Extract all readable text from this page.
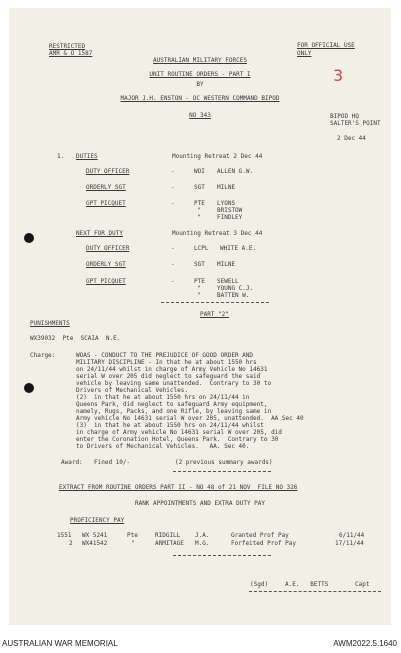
RESTRICTED
AMR & O 1587
AUSTRALIAN MILITARY FORCES
UNIT ROUTINE ORDERS - PART I
BY
MAJOR J.H. ENSTON - OC WESTERN COMMAND BIPOD
NO 343
FOR OFFICIAL USE
ONLY
3
BIPOD HQ
SALTER'S POINT
2 Dec 44
1. DUTIES	Mounting Retreat 2 Dec 44
DUTY OFFICER	-	WOI ALLEN G.W.
ORDERLY SGT	-	SGT MILNE
GPT PICQUET	-	PTE LYONS
"	BRISTOW
"	FINDLEY
NEXT FOR DUTY	Mounting Retreat 3 Dec 44
DUTY OFFICER	-	LCPL WHITE A.E.
ORDERLY SGT	-	SGT MILNE
GPT PICQUET	-	PTE SEWELL
"	YOUNG C.J.
"	BATTEN W.
PART "2"
PUNISHMENTS
WX39032  Pte  SCAIA  N.E.
Charge:	WOAS - CONDUCT TO THE PREJUDICE OF GOOD ORDER AND
MILITARY DISCIPLINE - In that he at about 1550 hrs
on 24/11/44 whilst in charge of Army Vehicle No 14631
serial W over 205 did neglect to safeguard the said
vehicle by leaving same unattended.  Contrary to 30 to
Drivers of Mechanical Vehicles.
(2)  in that he at about 1550 hrs on 24/11/44 in
Queens Park, did neglect to safeguard Army equipment,
namely, Rugs, Packs, and one Rifle, by leaving same in
Army vehicle No 14631 serial W over 205, unattended.  AA Sec 40
(3)  in that he at about 1550 hrs on 24/11/44 whilst
in charge of Army vehicle No 14631 serial W over 205, did
enter the Coronation Hotel, Queens Park.  Contrary to 30
to Drivers of Mechanical Vehicles.   AA. Sec 40.
Award: Fined 10/-	(2 previous summary awards)
EXTRACT FROM ROUTINE ORDERS PART II - NO 48 of 21 NOV  FILE NO 326
RANK APPOINTMENTS AND EXTRA DUTY PAY
PROFICIENCY PAY
1551 WX 5241	Pte	RIDGILL J.A.	Granted Prof Pay	6/11/44
2 WX41542	"	ARMITAGE M.G.	Forfeited Prof Pay	17/11/44
(Sgd)	A.E.   BETTS	Capt
AUSTRALIAN WAR MEMORIAL	AWM2022.5.1640
